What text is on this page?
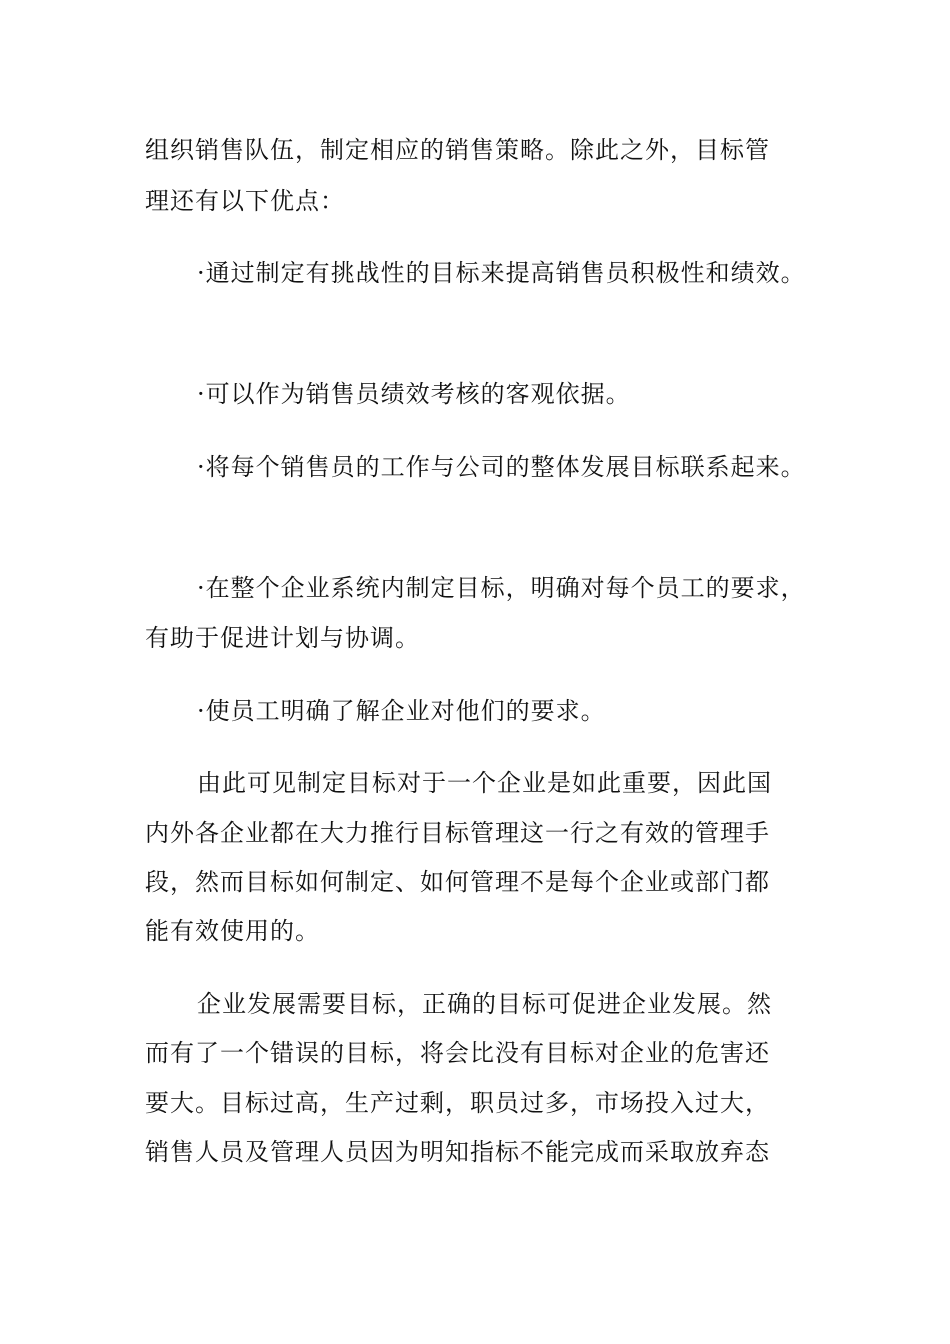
组织销售队伍，制定相应的销售策略。除此之外，目标管

理还有以下优点：

·通过制定有挑战性的目标来提高销售员积极性和绩效。

·可以作为销售员绩效考核的客观依据。

·将每个销售员的工作与公司的整体发展目标联系起来。

·在整个企业系统内制定目标，明确对每个员工的要求，

有助于促进计划与协调。

·使员工明确了解企业对他们的要求。

由此可见制定目标对于一个企业是如此重要，因此国

内外各企业都在大力推行目标管理这一行之有效的管理手

段，然而目标如何制定、如何管理不是每个企业或部门都

能有效使用的。

企业发展需要目标，正确的目标可促进企业发展。然

而有了一个错误的目标，将会比没有目标对企业的危害还

要大。目标过高，生产过剩，职员过多，市场投入过大，

销售人员及管理人员因为明知指标不能完成而采取放弃态
